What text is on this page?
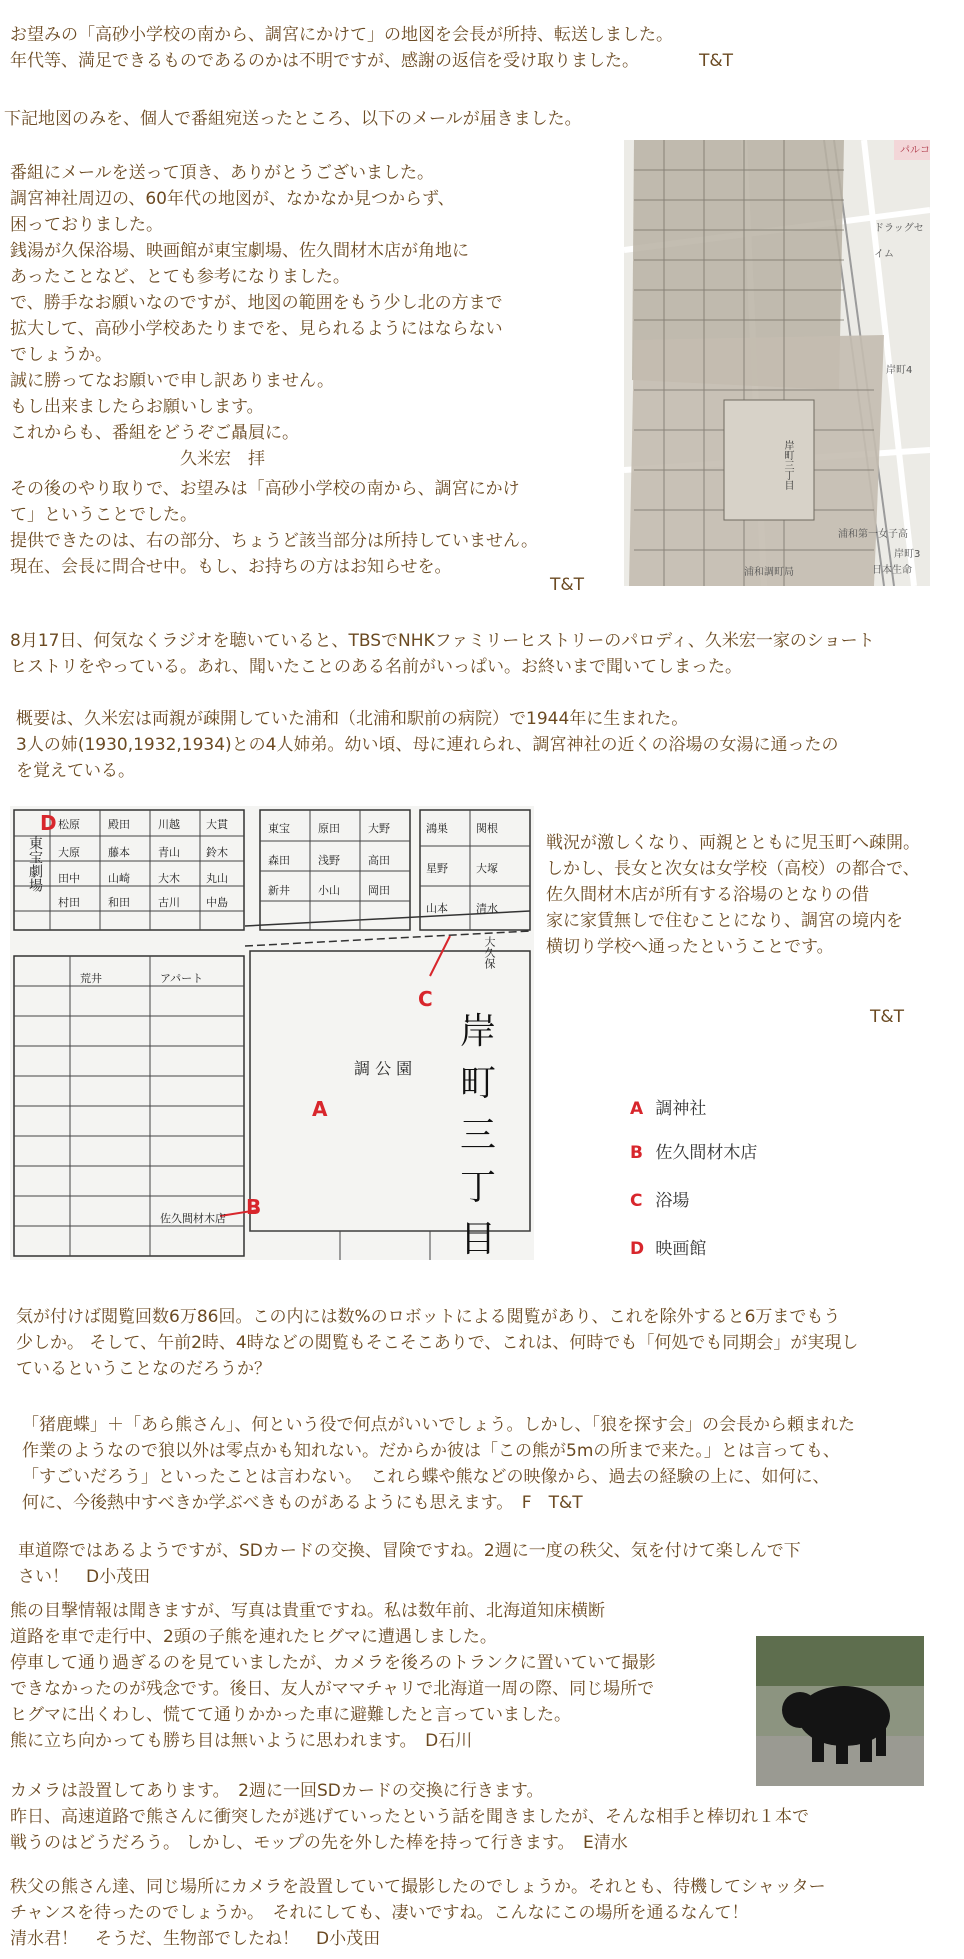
お望みの「高砂小学校の南から、調宮にかけて」の地図を会長が所持、転送しました。

年代等、満足できるものであるのかは不明ですが、感謝の返信を受け取りました。	T&T

下記地図のみを、個人で番組宛送ったところ、以下のメールが届きました。

番組にメールを送って頂き、ありがとうございました。

調宮神社周辺の、60年代の地図が、なかなか見つからず、

困っておりました。

銭湯が久保浴場、映画館が東宝劇場、佐久間材木店が角地に

あったことなど、とても参考になりました。

で、勝手なお願いなのですが、地図の範囲をもう少し北の方まで

拡大して、高砂小学校あたりまでを、見られるようにはならない

でしょうか。

誠に勝ってなお願いで申し訳ありません。

もし出来ましたらお願いします。

これからも、番組をどうぞご贔屓に。

久米宏　拝

その後のやり取りで、お望みは「高砂小学校の南から、調宮にかけ

て」ということでした。

提供できたのは、右の部分、ちょうど該当部分は所持していません。

現在、会長に問合せ中。もし、お持ちの方はお知らせを。

T&T

パルコ
ドラッグセイム
岸町4
浦和第一女子高
岸町3
浦和調町局	日本生命
岸町三丁目

8月17日、何気なくラジオを聴いていると、TBSでNHKファミリーヒストリーのパロディ、久米宏一家のショート

ヒストリをやっている。あれ、聞いたことのある名前がいっぱい。お終いまで聞いてしまった。

概要は、久米宏は両親が疎開していた浦和（北浦和駅前の病院）で1944年に生まれた。

3人の姉(1930,1932,1934)との4人姉弟。幼い頃、母に連れられ、調宮神社の近くの浴場の女湯に通ったの

を覚えている。

松原	殿田	川越 大貫
大原	藤本	青山 鈴木
田中	山崎	大木 丸山
村田	和田	古川 中島
東宝	原田	大野
森田	浅野	高田
新井	小山	岡田
鴻巣	関根
星野	大塚
山本	清水
大久保
東宝劇場
荒井	アパート
佐久間材木店
岸
町
三
丁
目
調 公 園
A
B
C
D

戦況が激しくなり、両親とともに児玉町へ疎開。

しかし、長女と次女は女学校（高校）の都合で、

佐久間材木店が所有する浴場のとなりの借

家に家賃無しで住むことになり、調宮の境内を

横切り学校へ通ったということです。

T&T

A 調神社
B 佐久間材木店
C 浴場
D 映画館

気が付けば閲覧回数6万86回。この内には数%のロボットによる閲覧があり、これを除外すると6万までもう

少しか。 そして、午前2時、4時などの閲覧もそこそこありで、これは、何時でも「何処でも同期会」が実現し

ているということなのだろうか？

「猪鹿蝶」＋「あら熊さん」、何という役で何点がいいでしょう。しかし、「狼を探す会」の会長から頼まれた

作業のようなので狼以外は零点かも知れない。だからか彼は「この熊が5mの所まで来た。」とは言っても、

「すごいだろう」といったことは言わない。　これら蝶や熊などの映像から、過去の経験の上に、如何に、

何に、今後熱中すべきか学ぶべきものがあるようにも思えます。　F　T&T

車道際ではあるようですが、SDカードの交換、冒険ですね。2週に一度の秩父、気を付けて楽しんで下

さい！　D小茂田

熊の目撃情報は聞きますが、写真は貴重ですね。私は数年前、北海道知床横断

道路を車で走行中、2頭の子熊を連れたヒグマに遭遇しました。

停車して通り過ぎるのを見ていましたが、カメラを後ろのトランクに置いていて撮影

できなかったのが残念です。後日、友人がママチャリで北海道一周の際、同じ場所で

ヒグマに出くわし、慌てて通りかかった車に避難したと言っていました。

熊に立ち向かっても勝ち目は無いように思われます。　D石川

カメラは設置してあります。　2週に一回SDカードの交換に行きます。

昨日、高速道路で熊さんに衝突したが逃げていったという話を聞きましたが、そんな相手と棒切れ１本で

戦うのはどうだろう。 しかし、モップの先を外した棒を持って行きます。　E清水

秩父の熊さん達、同じ場所にカメラを設置していて撮影したのでしょうか。それとも、待機してシャッター

チャンスを待ったのでしょうか。　それにしても、凄いですね。こんなにこの場所を通るなんて！

清水君！　そうだ、生物部でしたね！　D小茂田
